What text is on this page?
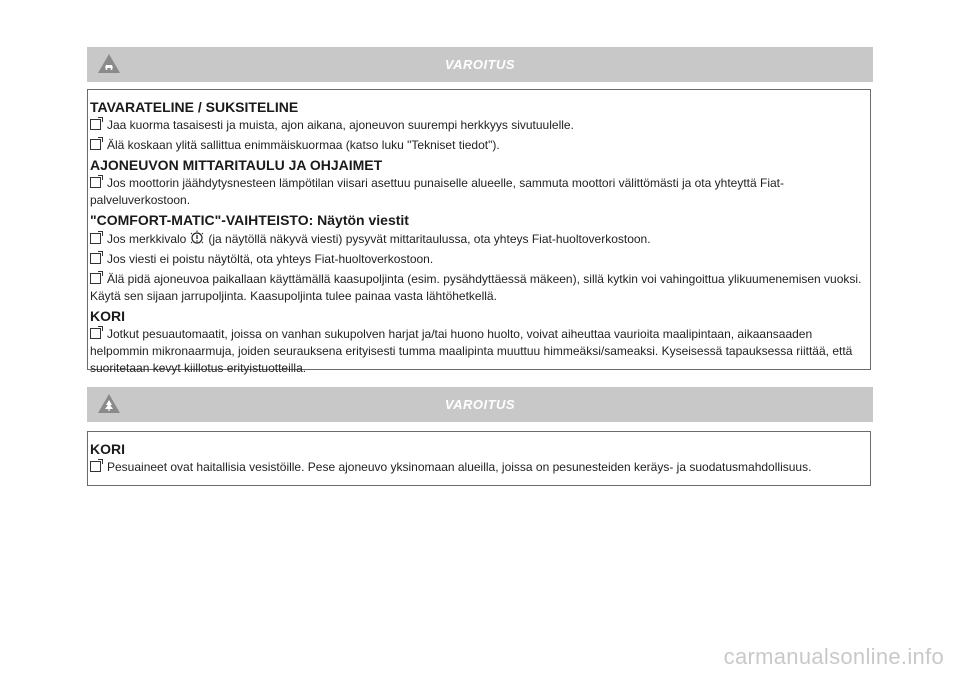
VAROITUS
TAVARATELINE / SUKSITELINE
Jaa kuorma tasaisesti ja muista, ajon aikana, ajoneuvon suurempi herkkyys sivutuulelle.
Älä koskaan ylitä sallittua enimmäiskuormaa (katso luku "Tekniset tiedot").
AJONEUVON MITTARITAULU JA OHJAIMET
Jos moottorin jäähdytysnesteen lämpötilan viisari asettuu punaiselle alueelle, sammuta moottori välittömästi ja ota yhteyttä Fiat-palveluverkostoon.
"COMFORT-MATIC"-VAIHTEISTO: Näytön viestit
Jos merkkivalo (ja näytöllä näkyvä viesti) pysyvät mittaritaulussa, ota yhteys Fiat-huoltoverkostoon.
Jos viesti ei poistu näytöltä, ota yhteys Fiat-huoltoverkostoon.
Älä pidä ajoneuvoa paikallaan käyttämällä kaasupoljinta (esim. pysähdyttäessä mäkeen), sillä kytkin voi vahingoittua ylikuumenemisen vuoksi. Käytä sen sijaan jarrupoljinta. Kaasupoljinta tulee painaa vasta lähtöhetkellä.
KORI
Jotkut pesuautomaatit, joissa on vanhan sukupolven harjat ja/tai huono huolto, voivat aiheuttaa vaurioita maalipintaan, aikaansaaden helpommin mikronaarmuja, joiden seurauksena erityisesti tumma maalipinta muuttuu himmeäksi/sameaksi. Kyseisessä tapauksessa riittää, että suoritetaan kevyt kiillotus erityistuotteilla.
VAROITUS
KORI
Pesuaineet ovat haitallisia vesistöille. Pese ajoneuvo yksinomaan alueilla, joissa on pesunesteiden keräys- ja suodatusmahdollisuus.
carmanualsonline.info
